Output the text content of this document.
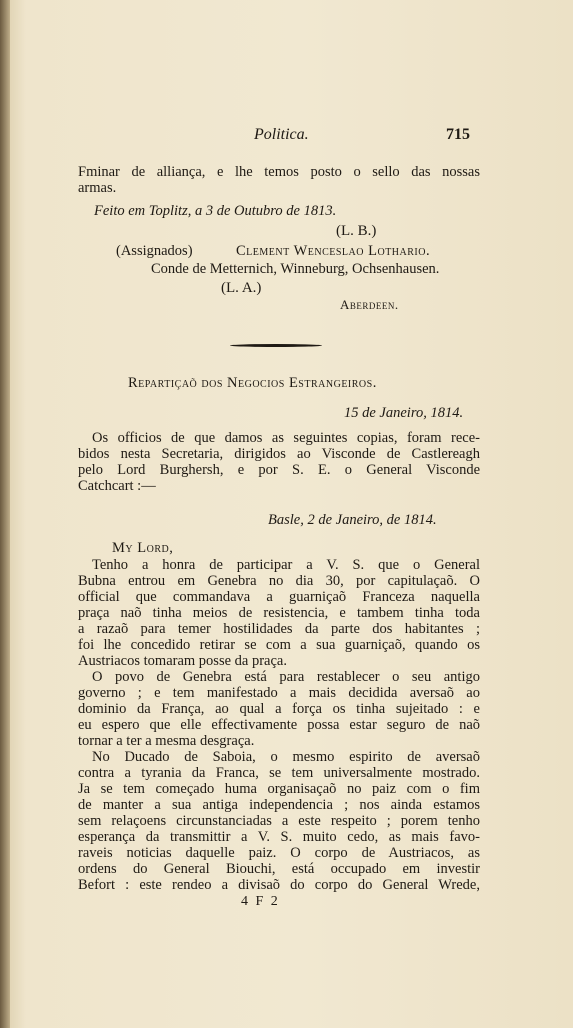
Politica.	715
Fminar de alliança, e lhe temos posto o sello das nossas
armas.
Feito em Toplitz, a 3 de Outubro de 1813.
(L. B.)
(Assignados)	Clement Wenceslao Lothario.
Conde de Metternich, Winneburg, Ochsenhausen.
(L. A.)
Aberdeen.
Repartiçaõ dos Negocios Estrangeiros.
15 de Janeiro, 1814.
Os officios de que damos as seguintes copias, foram rece-
bidos nesta Secretaria, dirigidos ao Visconde de Castlereagh
pelo Lord Burghersh, e por S. E. o General Visconde
Catchcart :—
Basle, 2 de Janeiro, de 1814.
My Lord,
Tenho a honra de participar a V. S. que o General
Bubna entrou em Genebra no dia 30, por capitulaçaõ. O
official que commandava a guarniçaõ Franceza naquella
praça naõ tinha meios de resistencia, e tambem tinha toda
a razaõ para temer hostilidades da parte dos habitantes ;
foi lhe concedido retirar se com a sua guarniçaõ, quando os
Austriacos tomaram posse da praça.
O povo de Genebra está para restablecer o seu antigo
governo ; e tem manifestado a mais decidida aversaõ ao
dominio da França, ao qual a força os tinha sujeitado : e
eu espero que elle effectivamente possa estar seguro de naõ
tornar a ter a mesma desgraça.
No Ducado de Saboia, o mesmo espirito de aversaõ
contra a tyrania da Franca, se tem universalmente mostrado.
Ja se tem começado huma organisaçaõ no paiz com o fim
de manter a sua antiga independencia ; nos ainda estamos
sem relaçoens circunstanciadas a este respeito ; porem tenho
esperança da transmittir a V. S. muito cedo, as mais favo-
raveis noticias daquelle paiz. O corpo de Austriacos, as
ordens do General Biouchi, está occupado em investir
Befort : este rendeo a divisaõ do corpo do General Wrede,
4 F 2
